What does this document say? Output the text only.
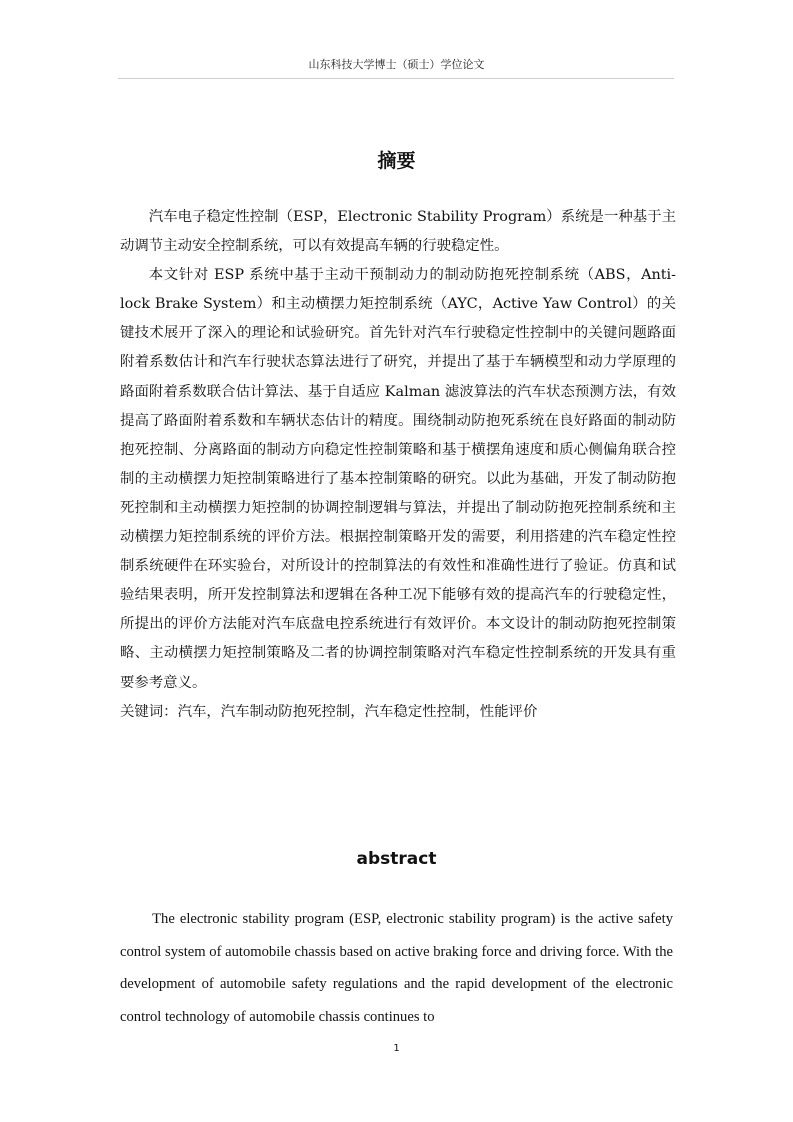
山东科技大学博士（硕士）学位论文
摘要

汽车电子稳定性控制（ESP，Electronic Stability Program）系统是一种基于主动调节主动安全控制系统，可以有效提高车辆的行驶稳定性。

本文针对 ESP 系统中基于主动干预制动力的制动防抱死控制系统（ABS，Anti-lock Brake System）和主动横摆力矩控制系统（AYC，Active Yaw Control）的关键技术展开了深入的理论和试验研究。首先针对汽车行驶稳定性控制中的关键问题路面附着系数估计和汽车行驶状态算法进行了研究，并提出了基于车辆模型和动力学原理的路面附着系数联合估计算法、基于自适应 Kalman 滤波算法的汽车状态预测方法，有效提高了路面附着系数和车辆状态估计的精度。围绕制动防抱死系统在良好路面的制动防抱死控制、分离路面的制动方向稳定性控制策略和基于横摆角速度和质心侧偏角联合控制的主动横摆力矩控制策略进行了基本控制策略的研究。以此为基础，开发了制动防抱死控制和主动横摆力矩控制的协调控制逻辑与算法，并提出了制动防抱死控制系统和主动横摆力矩控制系统的评价方法。根据控制策略开发的需要，利用搭建的汽车稳定性控制系统硬件在环实验台，对所设计的控制算法的有效性和准确性进行了验证。仿真和试验结果表明，所开发控制算法和逻辑在各种工况下能够有效的提高汽车的行驶稳定性，所提出的评价方法能对汽车底盘电控系统进行有效评价。本文设计的制动防抱死控制策略、主动横摆力矩控制策略及二者的协调控制策略对汽车稳定性控制系统的开发具有重要参考意义。

关键词：汽车，汽车制动防抱死控制，汽车稳定性控制，性能评价

abstract

The electronic stability program (ESP, electronic stability program) is the active safety control system of automobile chassis based on active braking force and driving force. With the development of automobile safety regulations and the rapid development of the electronic control technology of automobile chassis continues to

1
